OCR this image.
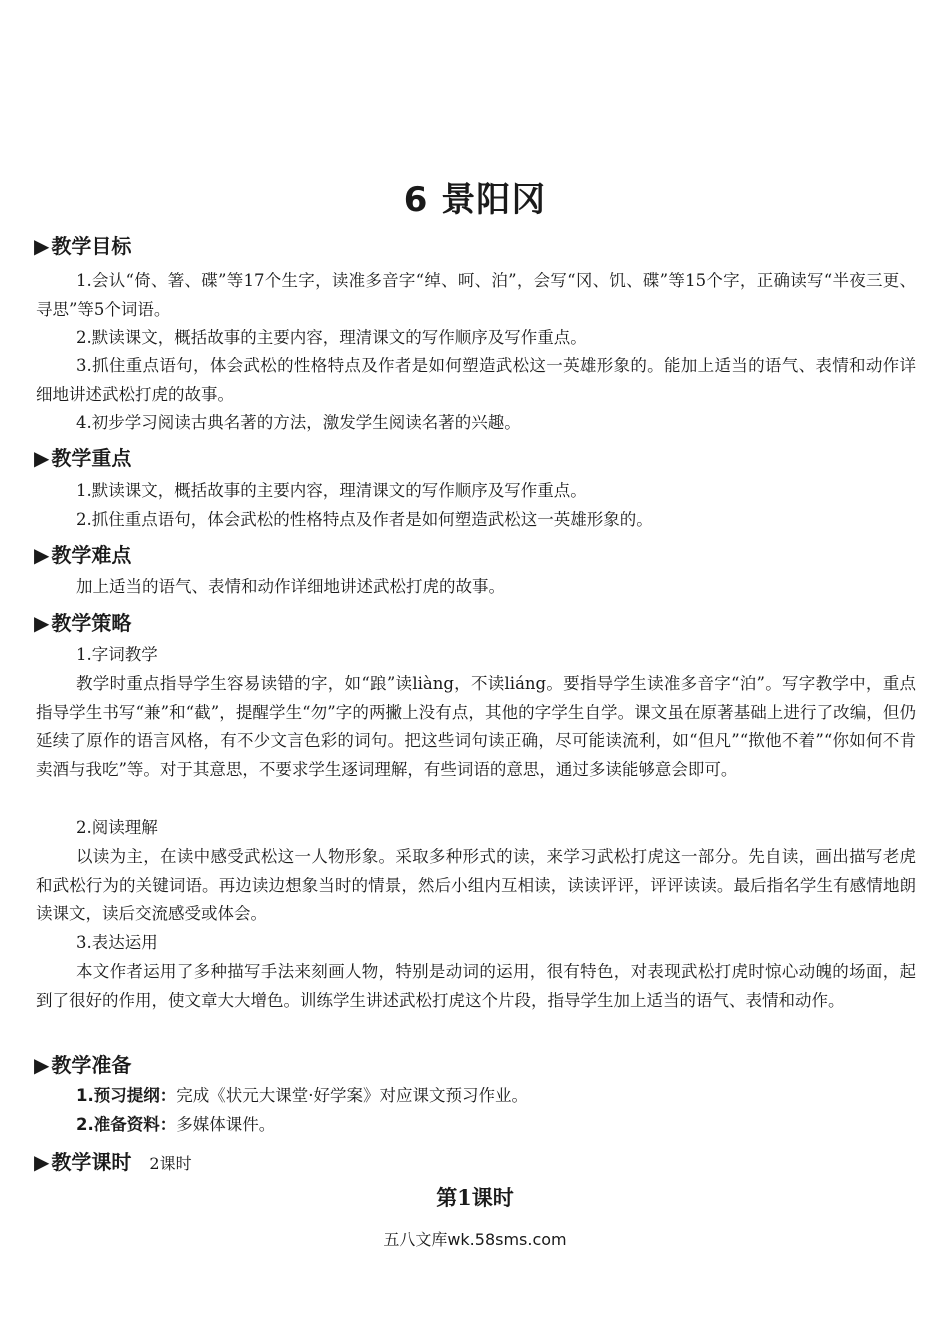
6 景阳冈
▶ 教学目标
1.会认“倚、箸、碟”等17个生字，读准多音字“绰、呵、泊”，会写“冈、饥、碟”等15个字，正确读写“半夜三更、寻思”等5个词语。
2.默读课文，概括故事的主要内容，理清课文的写作顺序及写作重点。
3.抓住重点语句，体会武松的性格特点及作者是如何塑造武松这一英雄形象的。能加上适当的语气、表情和动作详细地讲述武松打虎的故事。
4.初步学习阅读古典名著的方法，激发学生阅读名著的兴趣。
▶ 教学重点
1.默读课文，概括故事的主要内容，理清课文的写作顺序及写作重点。
2.抓住重点语句，体会武松的性格特点及作者是如何塑造武松这一英雄形象的。
▶ 教学难点
加上适当的语气、表情和动作详细地讲述武松打虎的故事。
▶ 教学策略
1.字词教学
教学时重点指导学生容易读错的字，如“踉”读liàng，不读liáng。要指导学生读准多音字“泊”。写字教学中，重点指导学生书写“兼”和“截”，提醒学生“勿”字的两撇上没有点，其他的字学生自学。课文虽在原著基础上进行了改编，但仍延续了原作的语言风格，有不少文言色彩的词句。把这些词句读正确，尽可能读流利，如“但凡”“揿他不着”“你如何不肯卖酒与我吃”等。对于其意思，不要求学生逐词理解，有些词语的意思，通过多读能够意会即可。
2.阅读理解
以读为主，在读中感受武松这一人物形象。采取多种形式的读，来学习武松打虎这一部分。先自读，画出描写老虎和武松行为的关键词语。再边读边想象当时的情景，然后小组内互相读，读读评评，评评读读。最后指名学生有感情地朗读课文，读后交流感受或体会。
3.表达运用
本文作者运用了多种描写手法来刻画人物，特别是动词的运用，很有特色，对表现武松打虎时惊心动魄的场面，起到了很好的作用，使文章大大增色。训练学生讲述武松打虎这个片段，指导学生加上适当的语气、表情和动作。
▶ 教学准备
1.预习提纲：完成《状元大课堂·好学案》对应课文预习作业。
2.准备资料：多媒体课件。
▶ 教学课时 2课时
第1课时
五八文库wk.58sms.com
